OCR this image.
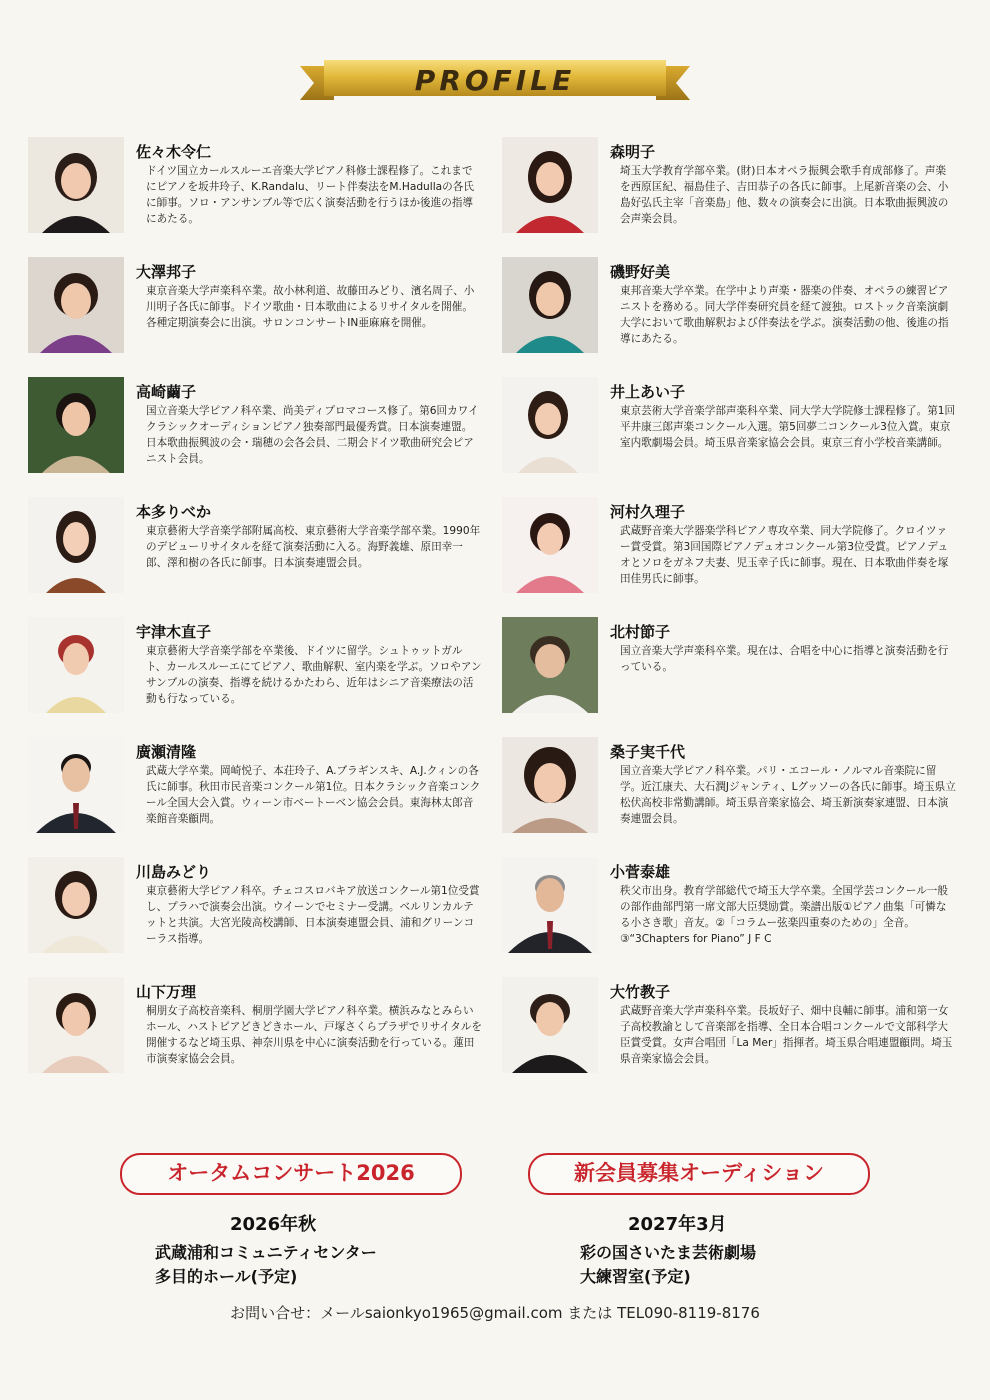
PROFILE
佐々木令仁
ドイツ国立カールスルーエ音楽大学ピアノ科修士課程修了。これまでにピアノを坂井玲子、K.Randalu、リート伴奏法をM.Hadullaの各氏に師事。ソロ・アンサンブル等で広く演奏活動を行うほか後進の指導にあたる。
大澤邦子
東京音楽大学声楽科卒業。故小林利道、故藤田みどり、濱名周子、小川明子各氏に師事。ドイツ歌曲・日本歌曲によるリサイタルを開催。各種定期演奏会に出演。サロンコンサートIN亜麻麻を開催。
高崎繭子
国立音楽大学ピアノ科卒業、尚美ディプロマコース修了。第6回カワイクラシックオーディションピアノ独奏部門最優秀賞。日本演奏連盟。日本歌曲振興波の会・瑞穂の会各会員、二期会ドイツ歌曲研究会ピアニスト会員。
本多りべか
東京藝術大学音楽学部附属高校、東京藝術大学音楽学部卒業。1990年のデビューリサイタルを経て演奏活動に入る。海野義雄、原田幸一郎、澤和樹の各氏に師事。日本演奏連盟会員。
宇津木直子
東京藝術大学音楽学部を卒業後、ドイツに留学。シュトゥットガルト、カールスルーエにてピアノ、歌曲解釈、室内楽を学ぶ。ソロやアンサンブルの演奏、指導を続けるかたわら、近年はシニア音楽療法の活動も行なっている。
廣瀬清隆
武蔵大学卒業。岡崎悦子、本荘玲子、A.ブラギンスキ、A.J.クィンの各氏に師事。秋田市民音楽コンクール第1位。日本クラシック音楽コンクール全国大会入賞。ウィーン市ベートーベン協会会員。東海林太郎音楽館音楽顧問。
川島みどり
東京藝術大学ピアノ科卒。チェコスロバキア放送コンクール第1位受賞し、プラハで演奏会出演。ウイーンでセミナー受講。ベルリンカルテットと共演。大宮光陵高校講師、日本演奏連盟会員、浦和グリーンコーラス指導。
山下万理
桐朋女子高校音楽科、桐朋学園大学ピアノ科卒業。横浜みなとみらいホール、ハストピアどきどきホール、戸塚さくらプラザでリサイタルを開催するなど埼玉県、神奈川県を中心に演奏活動を行っている。蓮田市演奏家協会会員。
森明子
埼玉大学教育学部卒業。(財)日本オペラ振興会歌手育成部修了。声楽を西原匡紀、福島佳子、吉田恭子の各氏に師事。上尾新音楽の会、小島好弘氏主宰「音楽島」他、数々の演奏会に出演。日本歌曲振興波の会声楽会員。
磯野好美
東邦音楽大学卒業。在学中より声楽・器楽の伴奏、オペラの練習ピアニストを務める。同大学伴奏研究員を経て渡独。ロストック音楽演劇大学において歌曲解釈および伴奏法を学ぶ。演奏活動の他、後進の指導にあたる。
井上あい子
東京芸術大学音楽学部声楽科卒業、同大学大学院修士課程修了。第1回平井康三郎声楽コンクール入選。第5回夢二コンクール3位入賞。東京室内歌劇場会員。埼玉県音楽家協会会員。東京三育小学校音楽講師。
河村久理子
武蔵野音楽大学器楽学科ピアノ専攻卒業、同大学院修了。クロイツァー賞受賞。第3回国際ピアノデュオコンクール第3位受賞。ピアノデュオとソロをガネフ夫妻、児玉幸子氏に師事。現在、日本歌曲伴奏を塚田佳男氏に師事。
北村節子
国立音楽大学声楽科卒業。現在は、合唱を中心に指導と演奏活動を行っている。
桑子実千代
国立音楽大学ピアノ科卒業。パリ・エコール・ノルマル音楽院に留学。近江康夫、大石潤Jジャンティ、Lグッソーの各氏に師事。埼玉県立松伏高校非常勤講師。埼玉県音楽家協会、埼玉新演奏家連盟、日本演奏連盟会員。
小菅泰雄
秩父市出身。教育学部総代で埼玉大学卒業。全国学芸コンクール一般の部作曲部門第一席文部大臣奨励賞。楽譜出版①ピアノ曲集「可憐なる小さき歌」音友。②「コラムー弦楽四重奏のための」全音。③“3Chapters for Piano” J F C
大竹教子
武蔵野音楽大学声楽科卒業。長坂好子、畑中良輔に師事。浦和第一女子高校教諭として音楽部を指導、全日本合唱コンクールで文部科学大臣賞受賞。女声合唱団「La Mer」指揮者。埼玉県合唱連盟顧問。埼玉県音楽家協会会員。
オータムコンサート2026
2026年秋
武蔵浦和コミュニティセンター
多目的ホール(予定)
新会員募集オーディション
2027年3月
彩の国さいたま芸術劇場
大練習室(予定)
お問い合せ：メールsaionkyo1965@gmail.com または TEL090-8119-8176
